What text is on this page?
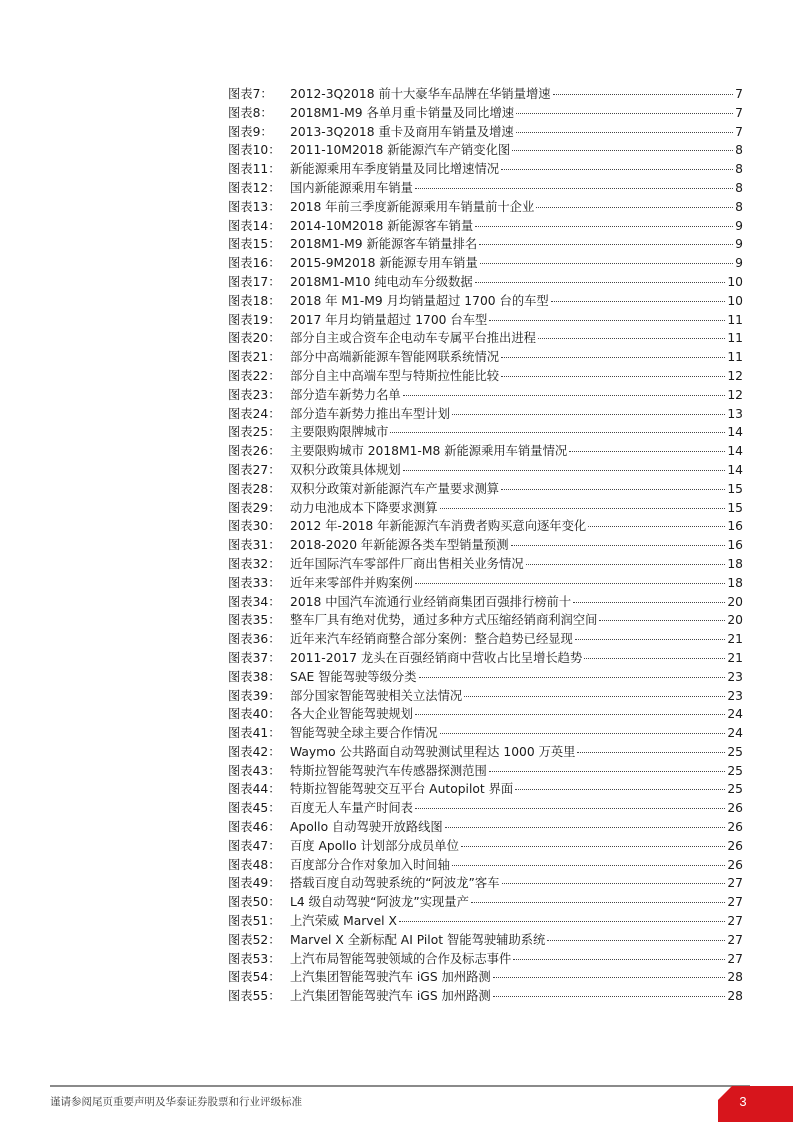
图表7：	2012-3Q2018 前十大豪华车品牌在华销量增速	7
图表8：	2018M1-M9 各单月重卡销量及同比增速	7
图表9：	2013-3Q2018 重卡及商用车销量及增速	7
图表10： 2011-10M2018 新能源汽车产销变化图	8
图表11： 新能源乘用车季度销量及同比增速情况	8
图表12： 国内新能源乘用车销量	8
图表13： 2018 年前三季度新能源乘用车销量前十企业	8
图表14： 2014-10M2018 新能源客车销量	9
图表15： 2018M1-M9 新能源客车销量排名	9
图表16： 2015-9M2018 新能源专用车销量	9
图表17： 2018M1-M10 纯电动车分级数据	10
图表18： 2018 年 M1-M9 月均销量超过 1700 台的车型	10
图表19： 2017 年月均销量超过 1700 台车型	11
图表20： 部分自主或合资车企电动车专属平台推出进程	11
图表21： 部分中高端新能源车智能网联系统情况	11
图表22： 部分自主中高端车型与特斯拉性能比较	12
图表23： 部分造车新势力名单	12
图表24： 部分造车新势力推出车型计划	13
图表25： 主要限购限牌城市	14
图表26： 主要限购城市 2018M1-M8 新能源乘用车销量情况	14
图表27： 双积分政策具体规划	14
图表28： 双积分政策对新能源汽车产量要求测算	15
图表29： 动力电池成本下降要求测算	15
图表30： 2012 年-2018 年新能源汽车消费者购买意向逐年变化	16
图表31： 2018-2020 年新能源各类车型销量预测	16
图表32： 近年国际汽车零部件厂商出售相关业务情况	18
图表33： 近年来零部件并购案例	18
图表34： 2018 中国汽车流通行业经销商集团百强排行榜前十	20
图表35： 整车厂具有绝对优势，通过多种方式压缩经销商利润空间	20
图表36： 近年来汽车经销商整合部分案例：整合趋势已经显现	21
图表37： 2011-2017 龙头在百强经销商中营收占比呈增长趋势	21
图表38： SAE 智能驾驶等级分类	23
图表39： 部分国家智能驾驶相关立法情况	23
图表40： 各大企业智能驾驶规划	24
图表41： 智能驾驶全球主要合作情况	24
图表42： Waymo 公共路面自动驾驶测试里程达 1000 万英里	25
图表43： 特斯拉智能驾驶汽车传感器探测范围	25
图表44： 特斯拉智能驾驶交互平台 Autopilot 界面	25
图表45： 百度无人车量产时间表	26
图表46： Apollo 自动驾驶开放路线图	26
图表47： 百度 Apollo 计划部分成员单位	26
图表48： 百度部分合作对象加入时间轴	26
图表49： 搭载百度自动驾驶系统的“阿波龙”客车	27
图表50： L4 级自动驾驶“阿波龙”实现量产	27
图表51： 上汽荣威 Marvel X	27
图表52： Marvel X 全新标配 AI Pilot 智能驾驶辅助系统	27
图表53： 上汽布局智能驾驶领域的合作及标志事件	27
图表54： 上汽集团智能驾驶汽车 iGS 加州路测	28
图表55： 上汽集团智能驾驶汽车 iGS 加州路测	28
谨请参阅尾页重要声明及华泰证券股票和行业评级标准	3
